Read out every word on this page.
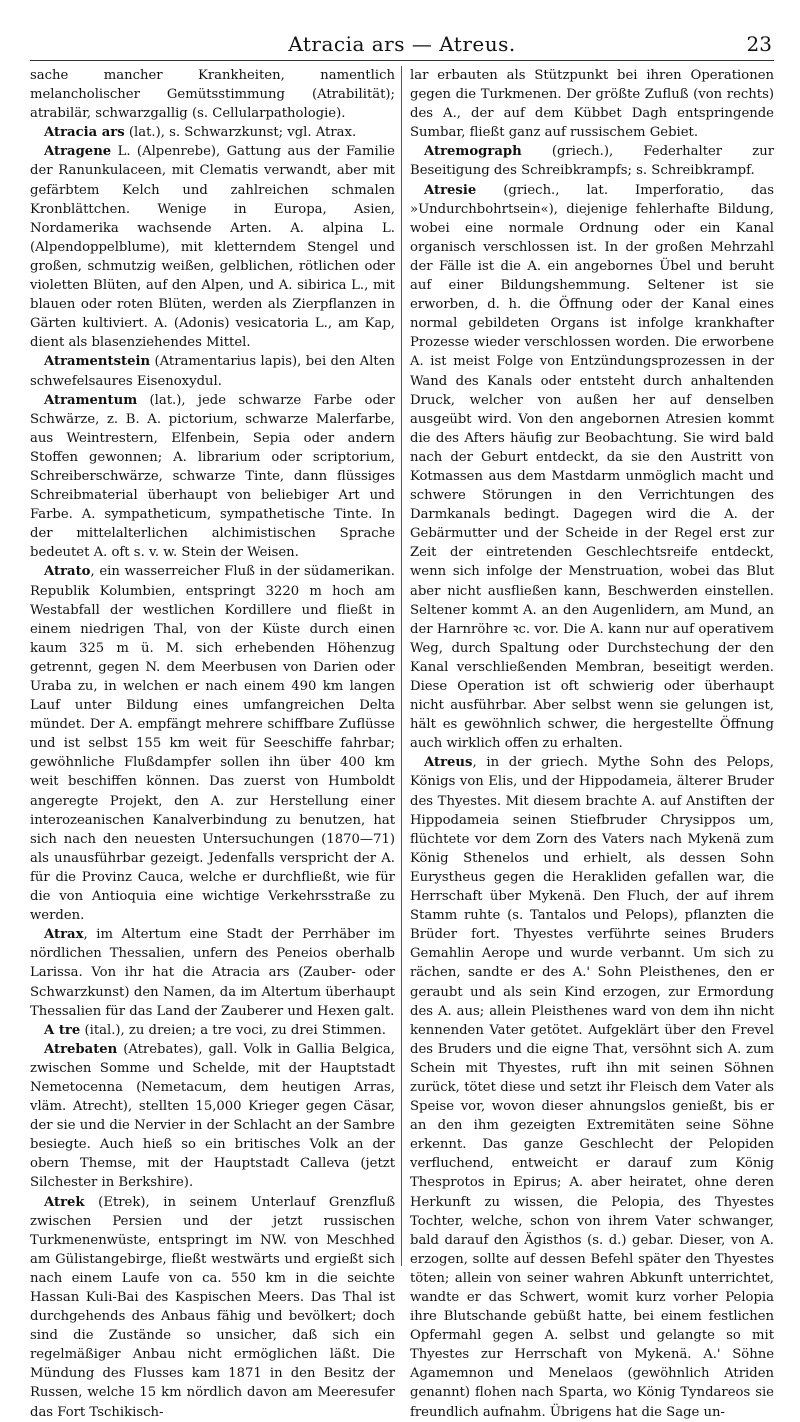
Atracia ars — Atreus.	23

sache mancher Krankheiten, namentlich melancholischer Gemütsstimmung (Atrabilität); atrabilär, schwarzgallig (s. Cellularpathologie).

Atracia ars (lat.), s. Schwarzkunst; vgl. Atrax.

Atragene L. (Alpenrebe), Gattung aus der Familie der Ranunkulaceen, mit Clematis verwandt, aber mit gefärbtem Kelch und zahlreichen schmalen Kronblättchen. Wenige in Europa, Asien, Nordamerika wachsende Arten. A. alpina L. (Alpendoppelblume), mit kletterndem Stengel und großen, schmutzig weißen, gelblichen, rötlichen oder violetten Blüten, auf den Alpen, und A. sibirica L., mit blauen oder roten Blüten, werden als Zierpflanzen in Gärten kultiviert. A. (Adonis) vesicatoria L., am Kap, dient als blasenziehendes Mittel.

Atramentstein (Atramentarius lapis), bei den Alten schwefelsaures Eisenoxydul.

Atramentum (lat.), jede schwarze Farbe oder Schwärze, z. B. A. pictorium, schwarze Malerfarbe, aus Weintrestern, Elfenbein, Sepia oder andern Stoffen gewonnen; A. librarium oder scriptorium, Schreiberschwärze, schwarze Tinte, dann flüssiges Schreibmaterial überhaupt von beliebiger Art und Farbe. A. sympatheticum, sympathetische Tinte. In der mittelalterlichen alchimistischen Sprache bedeutet A. oft s. v. w. Stein der Weisen.

Atrato, ein wasserreicher Fluß in der südamerikan. Republik Kolumbien, entspringt 3220 m hoch am Westabfall der westlichen Kordillere und fließt in einem niedrigen Thal, von der Küste durch einen kaum 325 m ü. M. sich erhebenden Höhenzug getrennt, gegen N. dem Meerbusen von Darien oder Uraba zu, in welchen er nach einem 490 km langen Lauf unter Bildung eines umfangreichen Delta mündet. Der A. empfängt mehrere schiffbare Zuflüsse und ist selbst 155 km weit für Seeschiffe fahrbar; gewöhnliche Flußdampfer sollen ihn über 400 km weit beschiffen können. Das zuerst von Humboldt angeregte Projekt, den A. zur Herstellung einer interozeanischen Kanalverbindung zu benutzen, hat sich nach den neuesten Untersuchungen (1870—71) als unausführbar gezeigt. Jedenfalls verspricht der A. für die Provinz Cauca, welche er durchfließt, wie für die von Antioquia eine wichtige Verkehrsstraße zu werden.

Atrax, im Altertum eine Stadt der Perrhäber im nördlichen Thessalien, unfern des Peneios oberhalb Larissa. Von ihr hat die Atracia ars (Zauber- oder Schwarzkunst) den Namen, da im Altertum überhaupt Thessalien für das Land der Zauberer und Hexen galt.

A tre (ital.), zu dreien; a tre voci, zu drei Stimmen.

Atrebaten (Atrebates), gall. Volk in Gallia Belgica, zwischen Somme und Schelde, mit der Hauptstadt Nemetocenna (Nemetacum, dem heutigen Arras, vläm. Atrecht), stellten 15,000 Krieger gegen Cäsar, der sie und die Nervier in der Schlacht an der Sambre besiegte. Auch hieß so ein britisches Volk an der obern Themse, mit der Hauptstadt Calleva (jetzt Silchester in Berkshire).

Atrek (Etrek), in seinem Unterlauf Grenzfluß zwischen Persien und der jetzt russischen Turkmenenwüste, entspringt im NW. von Meschhed am Gülistangebirge, fließt westwärts und ergießt sich nach einem Laufe von ca. 550 km in die seichte Hassan Kuli-Bai des Kaspischen Meers. Das Thal ist durchgehends des Anbaus fähig und bevölkert; doch sind die Zustände so unsicher, daß sich ein regelmäßiger Anbau nicht ermöglichen läßt. Die Mündung des Flusses kam 1871 in den Besitz der Russen, welche 15 km nördlich davon am Meeresufer das Fort Tschikisch-

lar erbauten als Stützpunkt bei ihren Operationen gegen die Turkmenen. Der größte Zufluß (von rechts) des A., der auf dem Kübbet Dagh entspringende Sumbar, fließt ganz auf russischem Gebiet.

Atremograph (griech.), Federhalter zur Beseitigung des Schreibkrampfs; s. Schreibkrampf.

Atresie (griech., lat. Imperforatio, das »Undurchbohrtsein«), diejenige fehlerhafte Bildung, wobei eine normale Ordnung oder ein Kanal organisch verschlossen ist. In der großen Mehrzahl der Fälle ist die A. ein angebornes Übel und beruht auf einer Bildungshemmung. Seltener ist sie erworben, d. h. die Öffnung oder der Kanal eines normal gebildeten Organs ist infolge krankhafter Prozesse wieder verschlossen worden. Die erworbene A. ist meist Folge von Entzündungsprozessen in der Wand des Kanals oder entsteht durch anhaltenden Druck, welcher von außen her auf denselben ausgeübt wird. Von den angebornen Atresien kommt die des Afters häufig zur Beobachtung. Sie wird bald nach der Geburt entdeckt, da sie den Austritt von Kotmassen aus dem Mastdarm unmöglich macht und schwere Störungen in den Verrichtungen des Darmkanals bedingt. Dagegen wird die A. der Gebärmutter und der Scheide in der Regel erst zur Zeit der eintretenden Geschlechtsreife entdeckt, wenn sich infolge der Menstruation, wobei das Blut aber nicht ausfließen kann, Beschwerden einstellen. Seltener kommt A. an den Augenlidern, am Mund, an der Harnröhre ꝛc. vor. Die A. kann nur auf operativem Weg, durch Spaltung oder Durchstechung der den Kanal verschließenden Membran, beseitigt werden. Diese Operation ist oft schwierig oder überhaupt nicht ausführbar. Aber selbst wenn sie gelungen ist, hält es gewöhnlich schwer, die hergestellte Öffnung auch wirklich offen zu erhalten.

Atreus, in der griech. Mythe Sohn des Pelops, Königs von Elis, und der Hippodameia, älterer Bruder des Thyestes. Mit diesem brachte A. auf Anstiften der Hippodameia seinen Stiefbruder Chrysippos um, flüchtete vor dem Zorn des Vaters nach Mykenä zum König Sthenelos und erhielt, als dessen Sohn Eurystheus gegen die Herakliden gefallen war, die Herrschaft über Mykenä. Den Fluch, der auf ihrem Stamm ruhte (s. Tantalos und Pelops), pflanzten die Brüder fort. Thyestes verführte seines Bruders Gemahlin Aerope und wurde verbannt. Um sich zu rächen, sandte er des A.' Sohn Pleisthenes, den er geraubt und als sein Kind erzogen, zur Ermordung des A. aus; allein Pleisthenes ward von dem ihn nicht kennenden Vater getötet. Aufgeklärt über den Frevel des Bruders und die eigne That, versöhnt sich A. zum Schein mit Thyestes, ruft ihn mit seinen Söhnen zurück, tötet diese und setzt ihr Fleisch dem Vater als Speise vor, wovon dieser ahnungslos genießt, bis er an den ihm gezeigten Extremitäten seine Söhne erkennt. Das ganze Geschlecht der Pelopiden verfluchend, entweicht er darauf zum König Thesprotos in Epirus; A. aber heiratet, ohne deren Herkunft zu wissen, die Pelopia, des Thyestes Tochter, welche, schon von ihrem Vater schwanger, bald darauf den Ägisthos (s. d.) gebar. Dieser, von A. erzogen, sollte auf dessen Befehl später den Thyestes töten; allein von seiner wahren Abkunft unterrichtet, wandte er das Schwert, womit kurz vorher Pelopia ihre Blutschande gebüßt hatte, bei einem festlichen Opfermahl gegen A. selbst und gelangte so mit Thyestes zur Herrschaft von Mykenä. A.' Söhne Agamemnon und Menelaos (gewöhnlich Atriden genannt) flohen nach Sparta, wo König Tyndareos sie freundlich aufnahm. Übrigens hat die Sage un-
